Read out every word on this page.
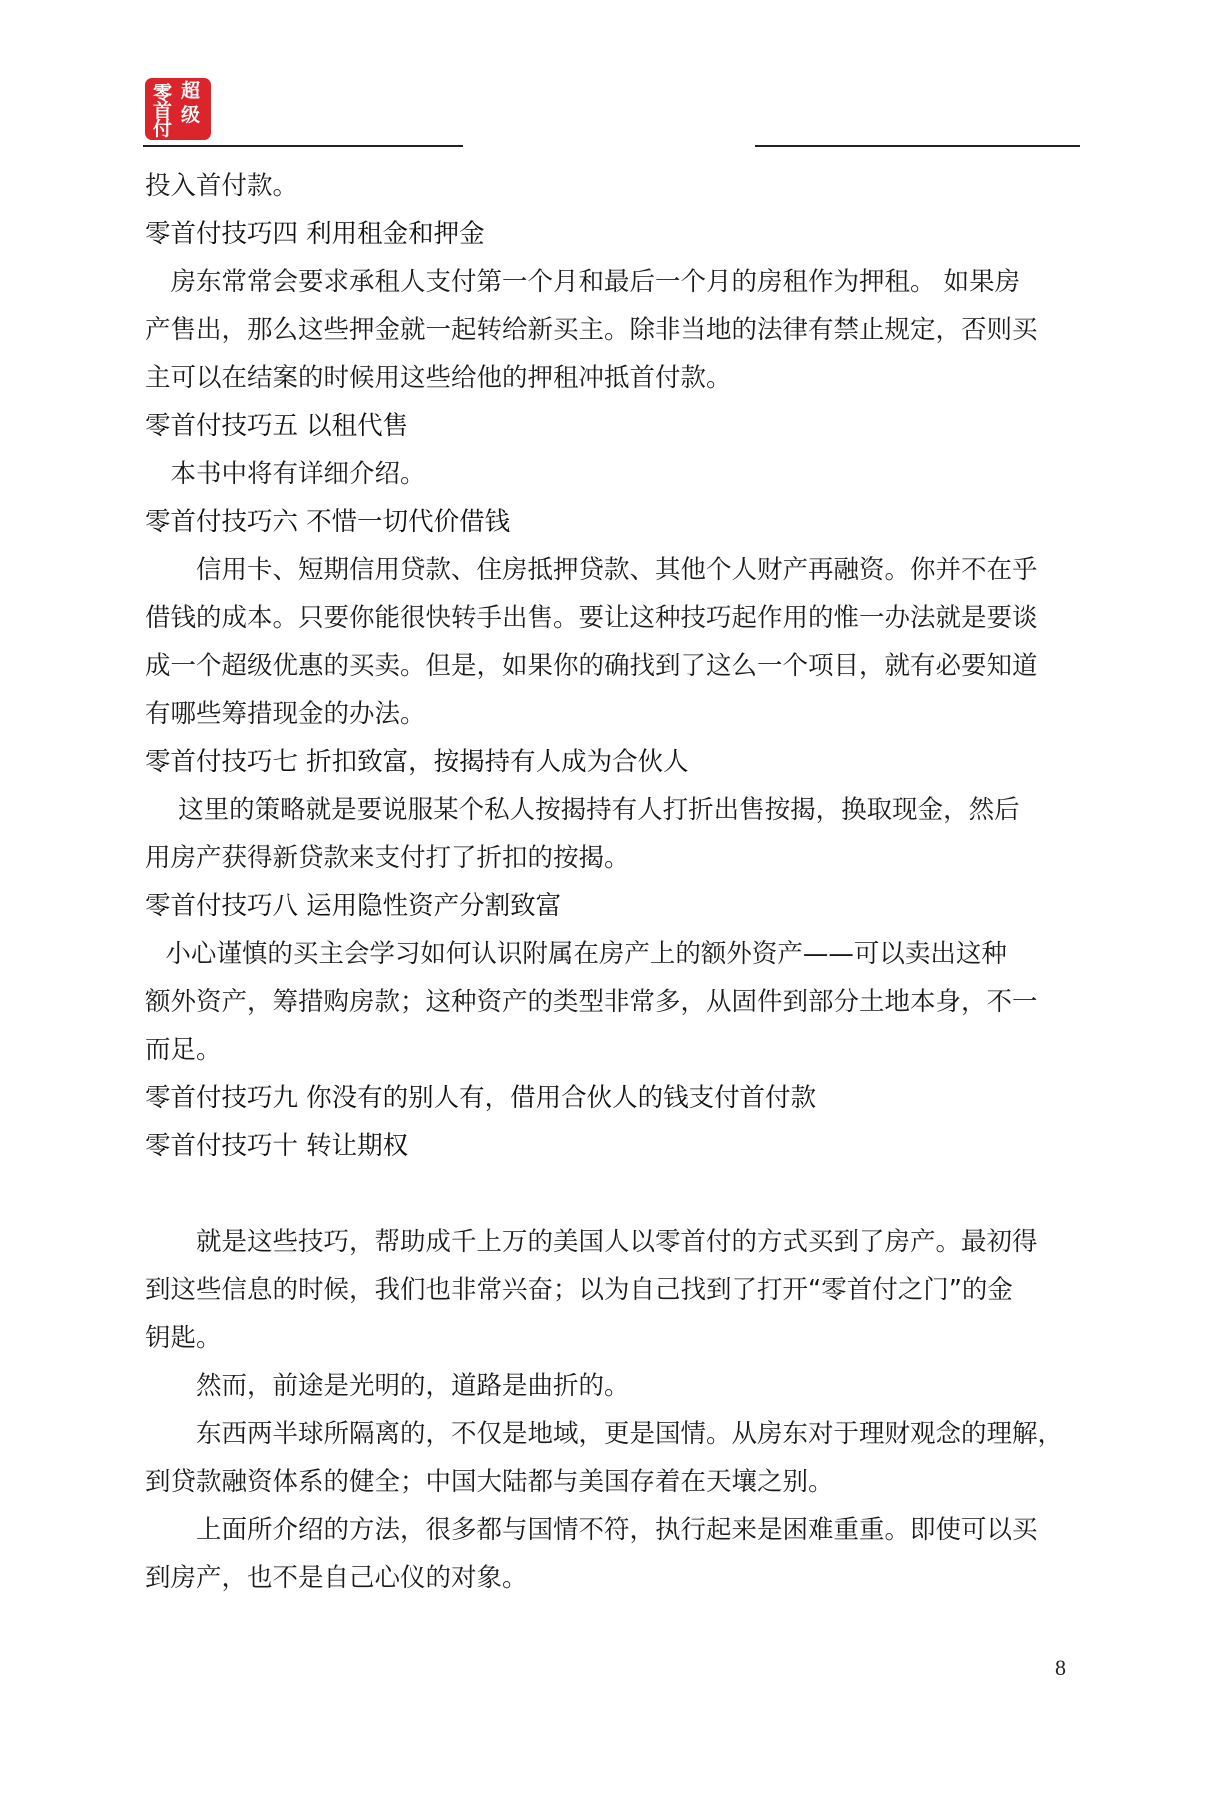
零 超
首 级
付
投入首付款。
零首付技巧四 利用租金和押金
房东常常会要求承租人支付第一个月和最后一个月的房租作为押租。 如果房
产售出，那么这些押金就一起转给新买主。除非当地的法律有禁止规定，否则买
主可以在结案的时候用这些给他的押租冲抵首付款。
零首付技巧五 以租代售
本书中将有详细介绍。
零首付技巧六 不惜一切代价借钱
信用卡、短期信用贷款、住房抵押贷款、其他个人财产再融资。你并不在乎
借钱的成本。只要你能很快转手出售。要让这种技巧起作用的惟一办法就是要谈
成一个超级优惠的买卖。但是，如果你的确找到了这么一个项目，就有必要知道
有哪些筹措现金的办法。
零首付技巧七 折扣致富，按揭持有人成为合伙人
这里的策略就是要说服某个私人按揭持有人打折出售按揭，换取现金，然后
用房产获得新贷款来支付打了折扣的按揭。
零首付技巧八 运用隐性资产分割致富
小心谨慎的买主会学习如何认识附属在房产上的额外资产——可以卖出这种
额外资产，筹措购房款；这种资产的类型非常多，从固件到部分土地本身，不一
而足。
零首付技巧九 你没有的别人有，借用合伙人的钱支付首付款
零首付技巧十 转让期权
就是这些技巧，帮助成千上万的美国人以零首付的方式买到了房产。最初得
到这些信息的时候，我们也非常兴奋；以为自己找到了打开“零首付之门”的金
钥匙。
然而，前途是光明的，道路是曲折的。
东西两半球所隔离的，不仅是地域，更是国情。从房东对于理财观念的理解，
到贷款融资体系的健全；中国大陆都与美国存着在天壤之别。
上面所介绍的方法，很多都与国情不符，执行起来是困难重重。即使可以买
到房产，也不是自己心仪的对象。
8
